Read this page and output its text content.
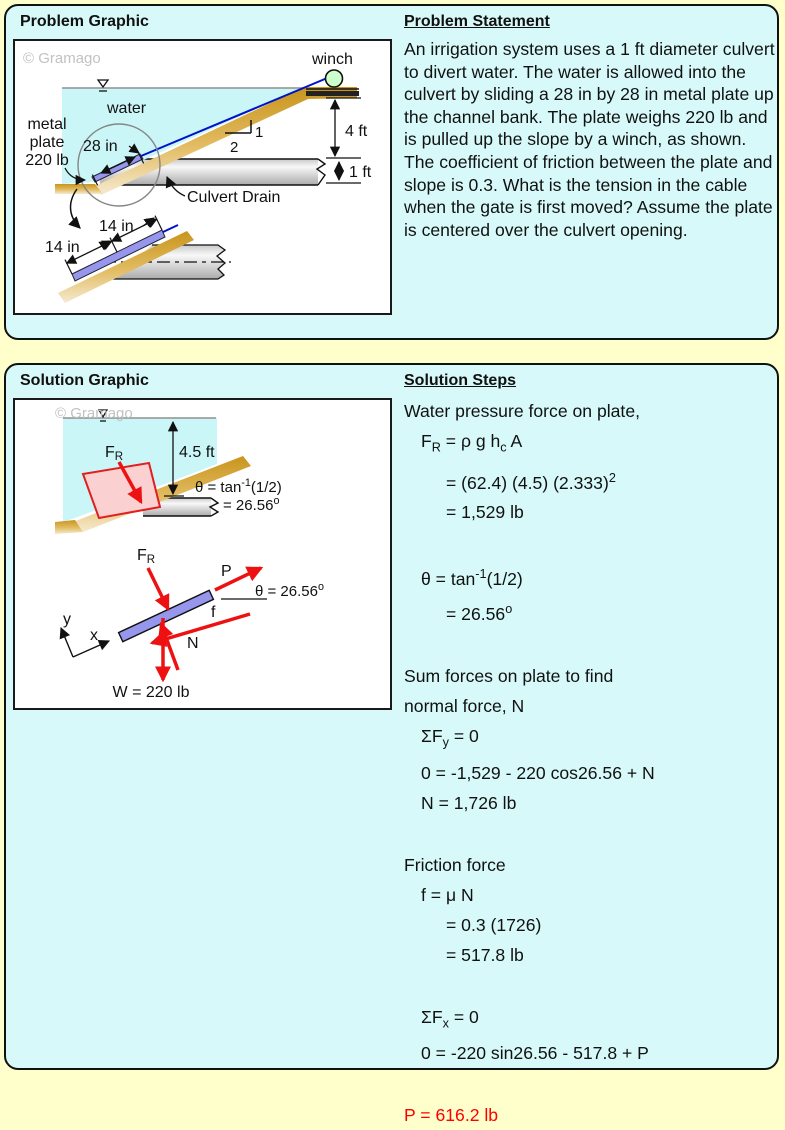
Problem Graphic
1
2
28 in
metal
plate
220 lb
4 ft
1 ft
Culvert Drain
14 in
14 in
© Gramago	winch
water
Problem Statement
An irrigation system uses a 1 ft diameter culvert to divert water. The water is allowed into the culvert by sliding a 28 in by 28 in metal plate up the channel bank. The plate weighs 220 lb and is pulled up the slope by a winch, as shown. The coefficient of friction between the plate and slope is 0.3. What is the tension in the cable when the gate is first moved? Assume the plate is centered over the culvert opening.
Solution Graphic
FR	4.5 ft
$\theta = \tan^{-1}(1/2)$
= $26.56^o$
FR
P
$\theta = 26.56^o$
f
N
W = 220 lb
y
x
© Gramago
Solution Steps
Water pressure force on plate,
$F_R = \rho$ g $h_c$ A
= (62.4) (4.5) $(2.333)^2$
= 1,529 lb
$\theta = \tan^{-1}(1/2)$
= $26.56^o$
Sum forces on plate to find
normal force, N
$\Sigma F_y = 0$
0 = -1,529 - 220 cos26.56 + N
N = 1,726 lb
Friction force
f = μ N
= 0.3 (1726)
= 517.8 lb
$\Sigma F_x = 0$
0 = -220 sin26.56 - 517.8 + P
P = 616.2 lb
